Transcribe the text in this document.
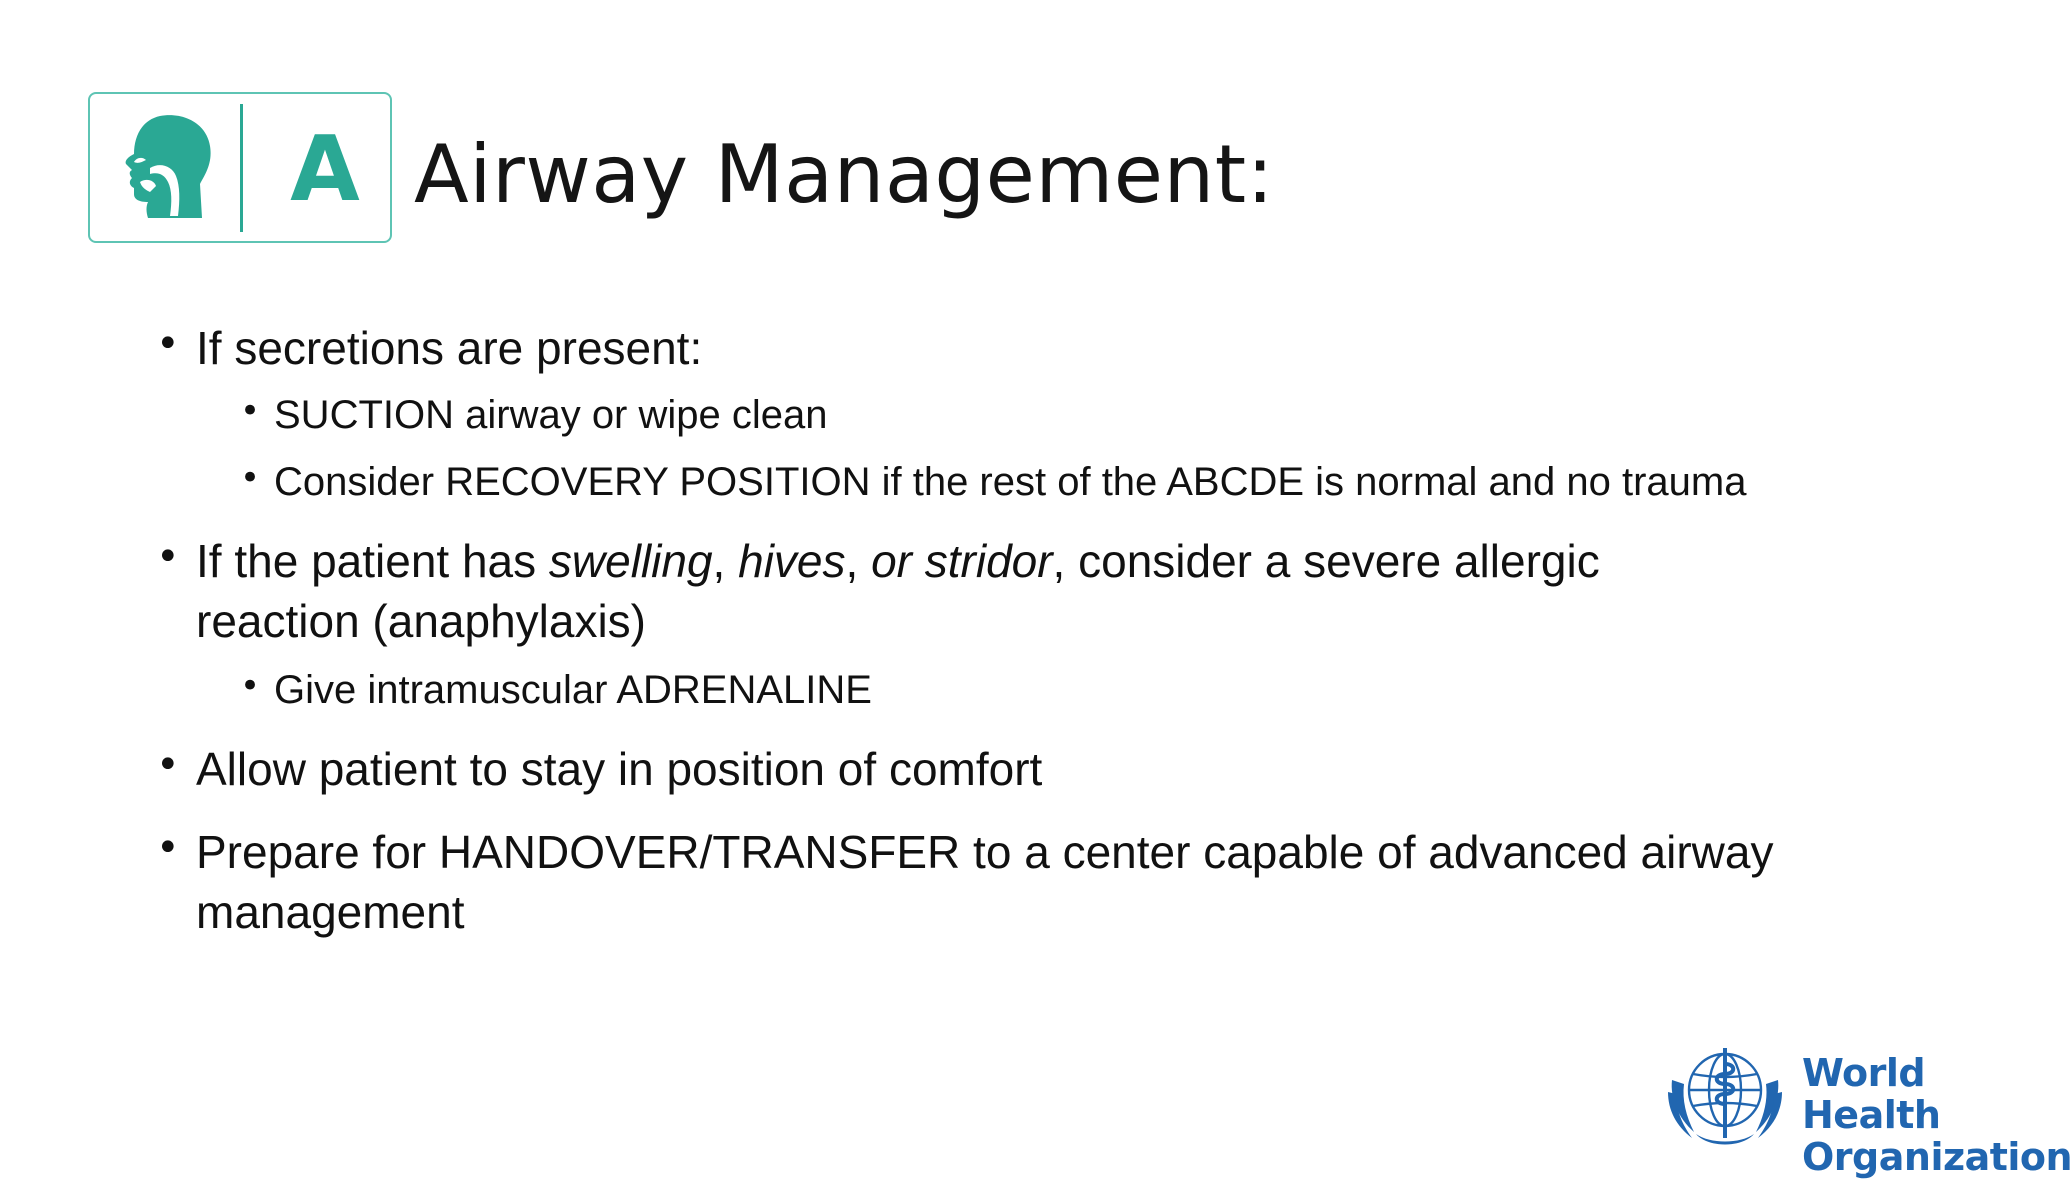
A Airway Management:
• If secretions are present:
• SUCTION airway or wipe clean
• Consider RECOVERY POSITION if the rest of the ABCDE is normal and no trauma
• If the patient has swelling, hives, or stridor, consider a severe allergic
reaction (anaphylaxis)
• Give intramuscular ADRENALINE
• Allow patient to stay in position of comfort
• Prepare for HANDOVER/TRANSFER to a center capable of advanced airway
management
World Health
Organization
